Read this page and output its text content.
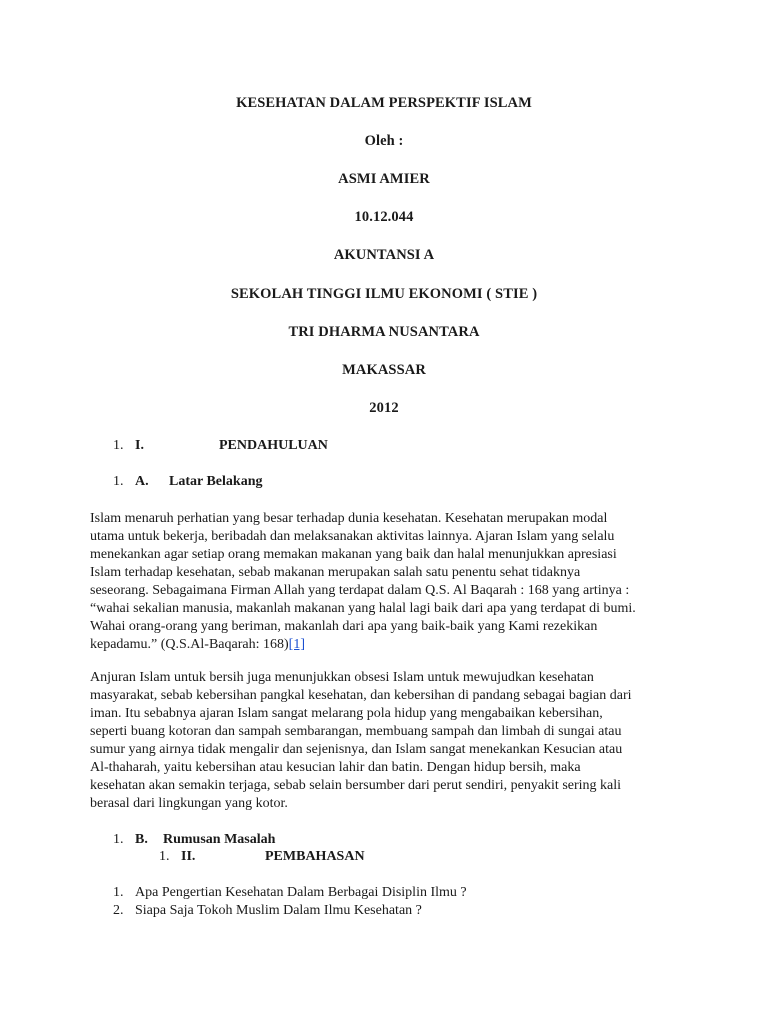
KESEHATAN DALAM PERSPEKTIF ISLAM
Oleh :
ASMI AMIER
10.12.044
AKUNTANSI A
SEKOLAH TINGGI ILMU EKONOMI ( STIE )
TRI DHARMA NUSANTARA
MAKASSAR
2012
1. I.	PENDAHULUAN
1. A. Latar Belakang
Islam menaruh perhatian yang besar terhadap dunia kesehatan. Kesehatan merupakan modal
utama untuk bekerja, beribadah dan melaksanakan aktivitas lainnya. Ajaran Islam yang selalu
menekankan agar setiap orang memakan makanan yang baik dan halal menunjukkan apresiasi
Islam terhadap kesehatan, sebab makanan merupakan salah satu penentu sehat tidaknya
seseorang. Sebagaimana Firman Allah yang terdapat dalam Q.S. Al Baqarah : 168 yang artinya :
“wahai sekalian manusia, makanlah makanan yang halal lagi baik dari apa yang terdapat di bumi.
Wahai orang-orang yang beriman, makanlah dari apa yang baik-baik yang Kami rezekikan
kepadamu.” (Q.S.Al-Baqarah: 168)[1]
Anjuran Islam untuk bersih juga menunjukkan obsesi Islam untuk mewujudkan kesehatan
masyarakat, sebab kebersihan pangkal kesehatan, dan kebersihan di pandang sebagai bagian dari
iman. Itu sebabnya ajaran Islam sangat melarang pola hidup yang mengabaikan kebersihan,
seperti buang kotoran dan sampah sembarangan, membuang sampah dan limbah di sungai atau
sumur yang airnya tidak mengalir dan sejenisnya, dan Islam sangat menekankan Kesucian atau
Al-thaharah, yaitu kebersihan atau kesucian lahir dan batin. Dengan hidup bersih, maka
kesehatan akan semakin terjaga, sebab selain bersumber dari perut sendiri, penyakit sering kali
berasal dari lingkungan yang kotor.
1. B. Rumusan Masalah
1. II.	PEMBAHASAN
1. Apa Pengertian Kesehatan Dalam Berbagai Disiplin Ilmu ?
2. Siapa Saja Tokoh Muslim Dalam Ilmu Kesehatan ?
